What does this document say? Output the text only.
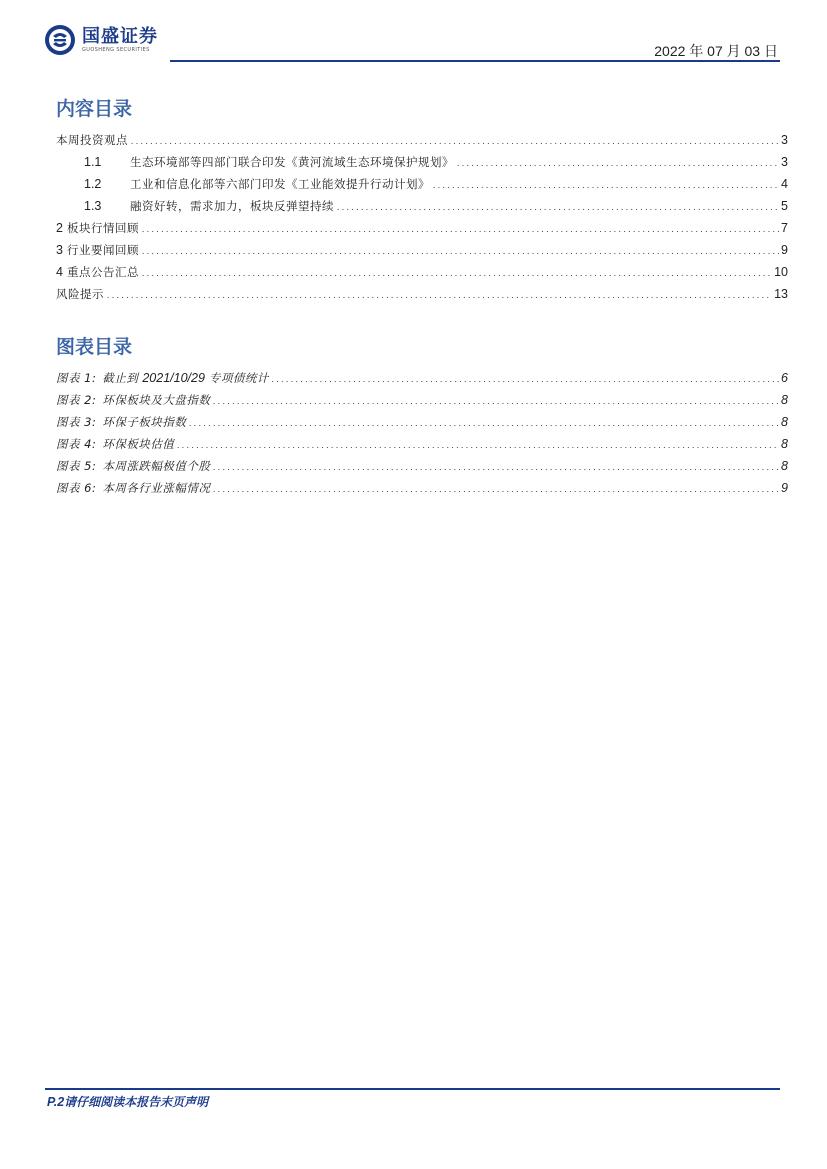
国盛证券
GUOSHENG SECURITIES	2022 年 07 月 03 日
内容目录
本周投资观点 .....	3
1.1	生态环境部等四部门联合印发《黄河流域生态环境保护规划》 .....	3
1.2	工业和信息化部等六部门印发《工业能效提升行动计划》 .....	4
1.3	融资好转，需求加力，板块反弹望持续 .....	5
2 板块行情回顾 .....	7
3 行业要闻回顾 .....	9
4 重点公告汇总 .....	10
风险提示 .....	13
图表目录
图表 1: 截止到 2021/10/29 专项债统计 .....	6
图表 2: 环保板块及大盘指数 .....	8
图表 3: 环保子板块指数 .....	8
图表 4: 环保板块估值 .....	8
图表 5: 本周涨跌幅极值个股 .....	8
图表 6: 本周各行业涨幅情况 .....	9
P.2 请仔细阅读本报告末页声明
